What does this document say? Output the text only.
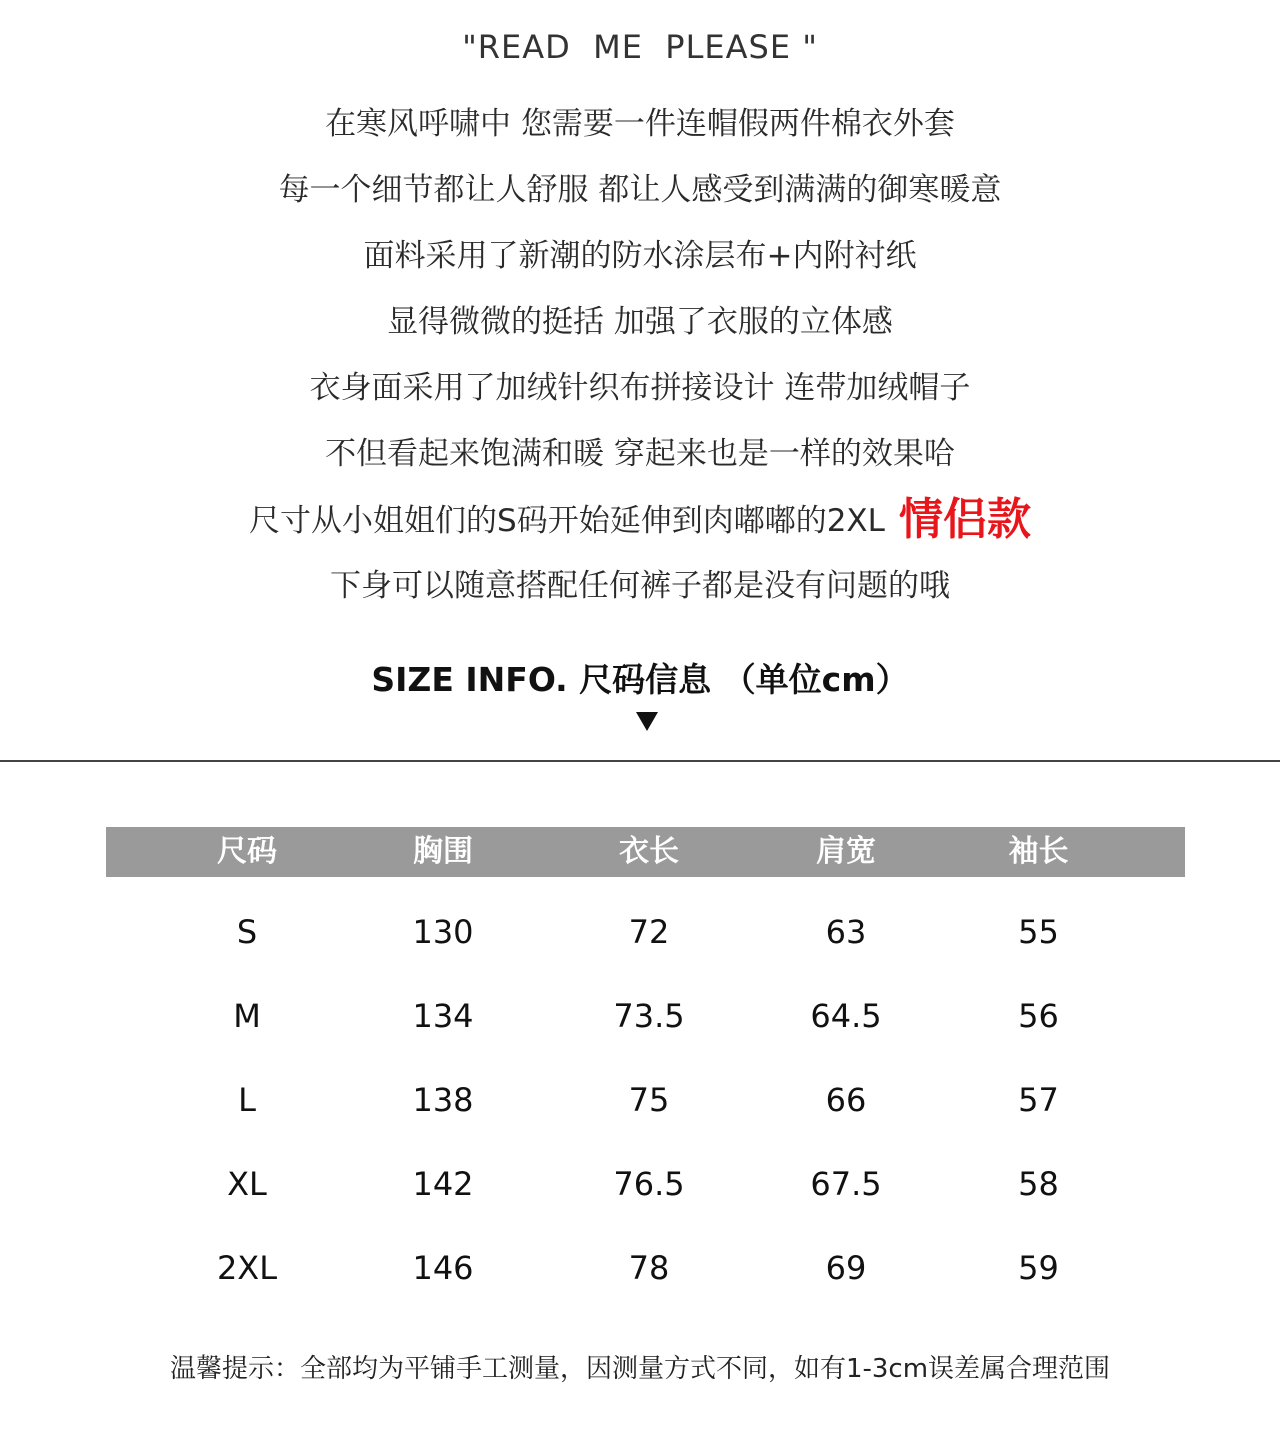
"READ  ME  PLEASE "
在寒风呼啸中 您需要一件连帽假两件棉衣外套
每一个细节都让人舒服 都让人感受到满满的御寒暖意
面料采用了新潮的防水涂层布+内附衬纸
显得微微的挺括 加强了衣服的立体感
衣身面采用了加绒针织布拼接设计 连带加绒帽子
不但看起来饱满和暖 穿起来也是一样的效果哈
尺寸从小姐姐们的S码开始延伸到肉嘟嘟的2XL 情侣款
下身可以随意搭配任何裤子都是没有问题的哦
SIZE INFO. 尺码信息 （单位cm）
尺码	胸围	衣长	肩宽	袖长
S	130	72	63	55
M	134	73.5	64.5	56
L	138	75	66	57
XL	142	76.5	67.5	58
2XL	146	78	69	59
温馨提示：全部均为平铺手工测量，因测量方式不同，如有1-3cm误差属合理范围
